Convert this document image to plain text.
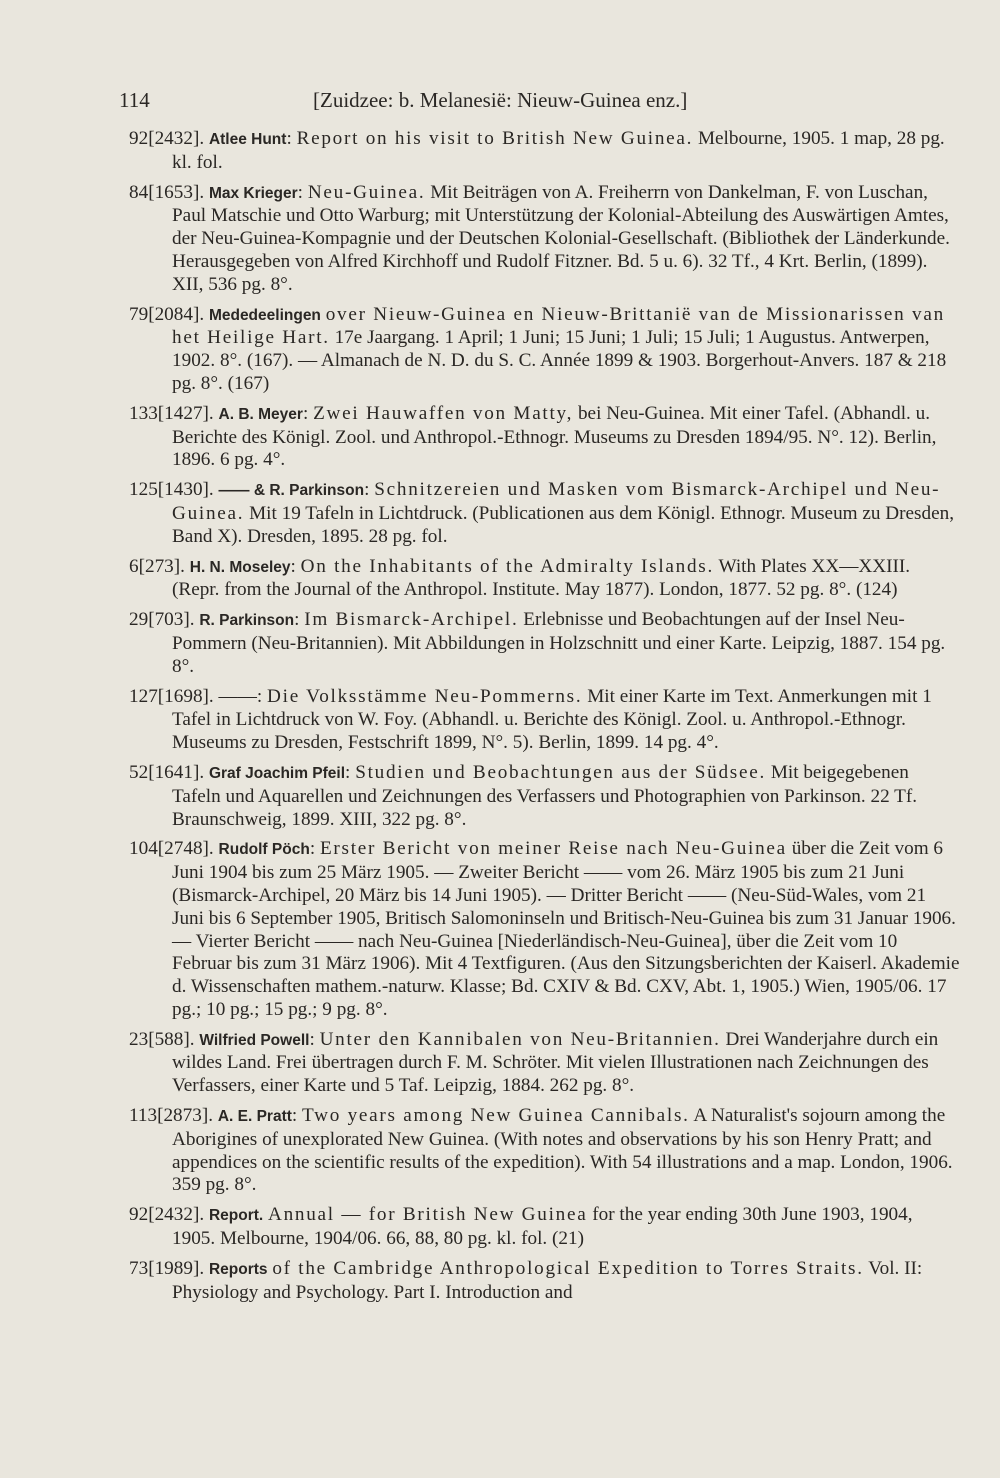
114	[Zuidzee: b. Melanesië: Nieuw-Guinea enz.]

92[2432]. Atlee Hunt: Report on his visit to British New Guinea. Melbourne, 1905. 1 map, 28 pg. kl. fol.

84[1653]. Max Krieger: Neu-Guinea. Mit Beiträgen von A. Freiherrn von Dankelman, F. von Luschan, Paul Matschie und Otto Warburg; mit Unterstützung der Kolonial-Abteilung des Auswärtigen Amtes, der Neu-Guinea-Kompagnie und der Deutschen Kolonial-Gesellschaft. (Bibliothek der Länderkunde. Herausgegeben von Alfred Kirchhoff und Rudolf Fitzner. Bd. 5 u. 6). 32 Tf., 4 Krt. Berlin, (1899). XII, 536 pg. 8°.

79[2084]. Mededeelingen over Nieuw-Guinea en Nieuw-Brittanië van de Missionarissen van het Heilige Hart. 17e Jaargang. 1 April; 1 Juni; 15 Juni; 1 Juli; 15 Juli; 1 Augustus. Antwerpen, 1902. 8°. (167). — Almanach de N. D. du S. C. Année 1899 & 1903. Borgerhout-Anvers. 187 & 218 pg. 8°. (167)

133[1427]. A. B. Meyer: Zwei Hauwaffen von Matty, bei Neu-Guinea. Mit einer Tafel. (Abhandl. u. Berichte des Königl. Zool. und Anthropol.-Ethnogr. Museums zu Dresden 1894/95. N°. 12). Berlin, 1896. 6 pg. 4°.

125[1430]. —— & R. Parkinson: Schnitzereien und Masken vom Bismarck-Archipel und Neu-Guinea. Mit 19 Tafeln in Lichtdruck. (Publicationen aus dem Königl. Ethnogr. Museum zu Dresden, Band X). Dresden, 1895. 28 pg. fol.

6[273]. H. N. Moseley: On the Inhabitants of the Admiralty Islands. With Plates XX—XXIII. (Repr. from the Journal of the Anthropol. Institute. May 1877). London, 1877. 52 pg. 8°. (124)

29[703]. R. Parkinson: Im Bismarck-Archipel. Erlebnisse und Beobachtungen auf der Insel Neu-Pommern (Neu-Britannien). Mit Abbildungen in Holzschnitt und einer Karte. Leipzig, 1887. 154 pg. 8°.

127[1698]. ——: Die Volksstämme Neu-Pommerns. Mit einer Karte im Text. Anmerkungen mit 1 Tafel in Lichtdruck von W. Foy. (Abhandl. u. Berichte des Königl. Zool. u. Anthropol.-Ethnogr. Museums zu Dresden, Festschrift 1899, N°. 5). Berlin, 1899. 14 pg. 4°.

52[1641]. Graf Joachim Pfeil: Studien und Beobachtungen aus der Südsee. Mit beigegebenen Tafeln und Aquarellen und Zeichnungen des Verfassers und Photographien von Parkinson. 22 Tf. Braunschweig, 1899. XIII, 322 pg. 8°.

104[2748]. Rudolf Pöch: Erster Bericht von meiner Reise nach Neu-Guinea über die Zeit vom 6 Juni 1904 bis zum 25 März 1905. — Zweiter Bericht —— vom 26. März 1905 bis zum 21 Juni (Bismarck-Archipel, 20 März bis 14 Juni 1905). — Dritter Bericht —— (Neu-Süd-Wales, vom 21 Juni bis 6 September 1905, Britisch Salomoninseln und Britisch-Neu-Guinea bis zum 31 Januar 1906. — Vierter Bericht —— nach Neu-Guinea [Niederländisch-Neu-Guinea], über die Zeit vom 10 Februar bis zum 31 März 1906). Mit 4 Textfiguren. (Aus den Sitzungsberichten der Kaiserl. Akademie d. Wissenschaften mathem.-naturw. Klasse; Bd. CXIV & Bd. CXV, Abt. 1, 1905.) Wien, 1905/06. 17 pg.; 10 pg.; 15 pg.; 9 pg. 8°.

23[588]. Wilfried Powell: Unter den Kannibalen von Neu-Britannien. Drei Wanderjahre durch ein wildes Land. Frei übertragen durch F. M. Schröter. Mit vielen Illustrationen nach Zeichnungen des Verfassers, einer Karte und 5 Taf. Leipzig, 1884. 262 pg. 8°.

113[2873]. A. E. Pratt: Two years among New Guinea Cannibals. A Naturalist's sojourn among the Aborigines of unexplorated New Guinea. (With notes and observations by his son Henry Pratt; and appendices on the scientific results of the expedition). With 54 illustrations and a map. London, 1906. 359 pg. 8°.

92[2432]. Report. Annual — for British New Guinea for the year ending 30th June 1903, 1904, 1905. Melbourne, 1904/06. 66, 88, 80 pg. kl. fol. (21)

73[1989]. Reports of the Cambridge Anthropological Expedition to Torres Straits. Vol. II: Physiology and Psychology. Part I. Introduction and
